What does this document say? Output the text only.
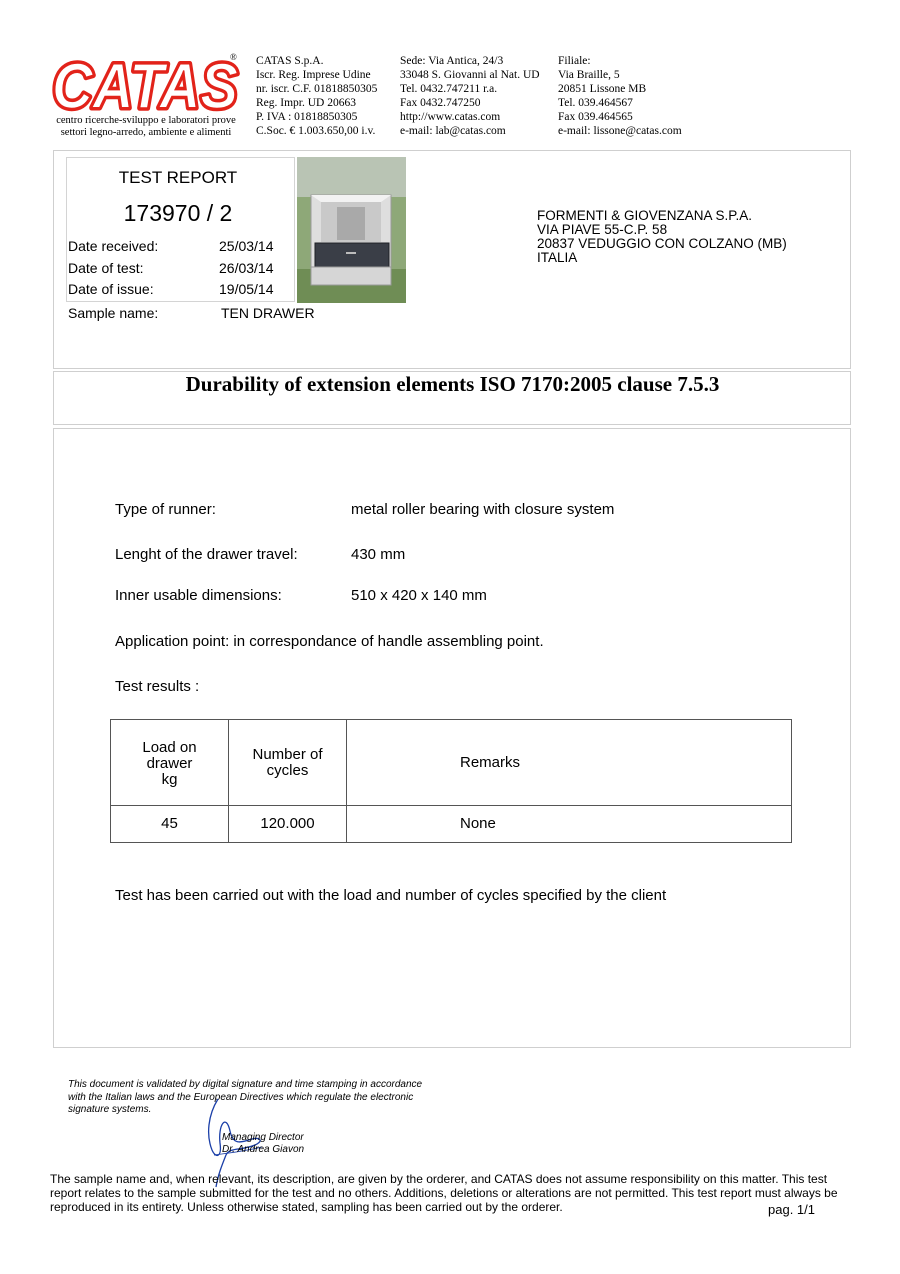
CATAS
CATAS
®
centro ricerche-sviluppo e laboratori prove
settori legno-arredo, ambiente e alimenti
CATAS S.p.A.
Iscr. Reg. Imprese Udine
nr. iscr. C.F. 01818850305
Reg. Impr. UD 20663
P. IVA : 01818850305
C.Soc. € 1.003.650,00 i.v.
Sede: Via Antica, 24/3
33048 S. Giovanni al Nat. UD
Tel. 0432.747211 r.a.
Fax 0432.747250
http://www.catas.com
e-mail: lab@catas.com
Filiale:
Via Braille, 5
20851 Lissone MB
Tel. 039.464567
Fax 039.464565
e-mail: lissone@catas.com
TEST REPORT
173970 / 2
Date received:	25/03/14
Date of test:	26/03/14
Date of issue:	19/05/14
Sample name:	TEN DRAWER
FORMENTI & GIOVENZANA S.P.A.
VIA PIAVE 55-C.P. 58
20837 VEDUGGIO CON COLZANO (MB)
ITALIA
Durability of extension elements ISO 7170:2005 clause 7.5.3
Type of runner:	metal roller bearing with closure system
Lenght of the drawer travel:	430 mm
Inner usable dimensions:	510 x 420 x 140 mm
Application point: in correspondance of handle assembling point.
Test results :
Load on
drawer
kg	Number of
cycles	Remarks
45	120.000	None
Test has been carried out with the load and number of cycles specified by the client
This document is validated by digital signature and time stamping in accordance
with the Italian laws and the European Directives which regulate the electronic
signature systems.
Managing Director
Dr. Andrea Giavon
The sample name and, when relevant, its description, are given by the orderer, and CATAS does not assume responsibility on this matter. This test report relates to the sample submitted for the test and no others. Additions, deletions or alterations are not permitted. This test report must always be reproduced in its entirety. Unless otherwise stated, sampling has been carried out by the orderer.	pag. 1/1
